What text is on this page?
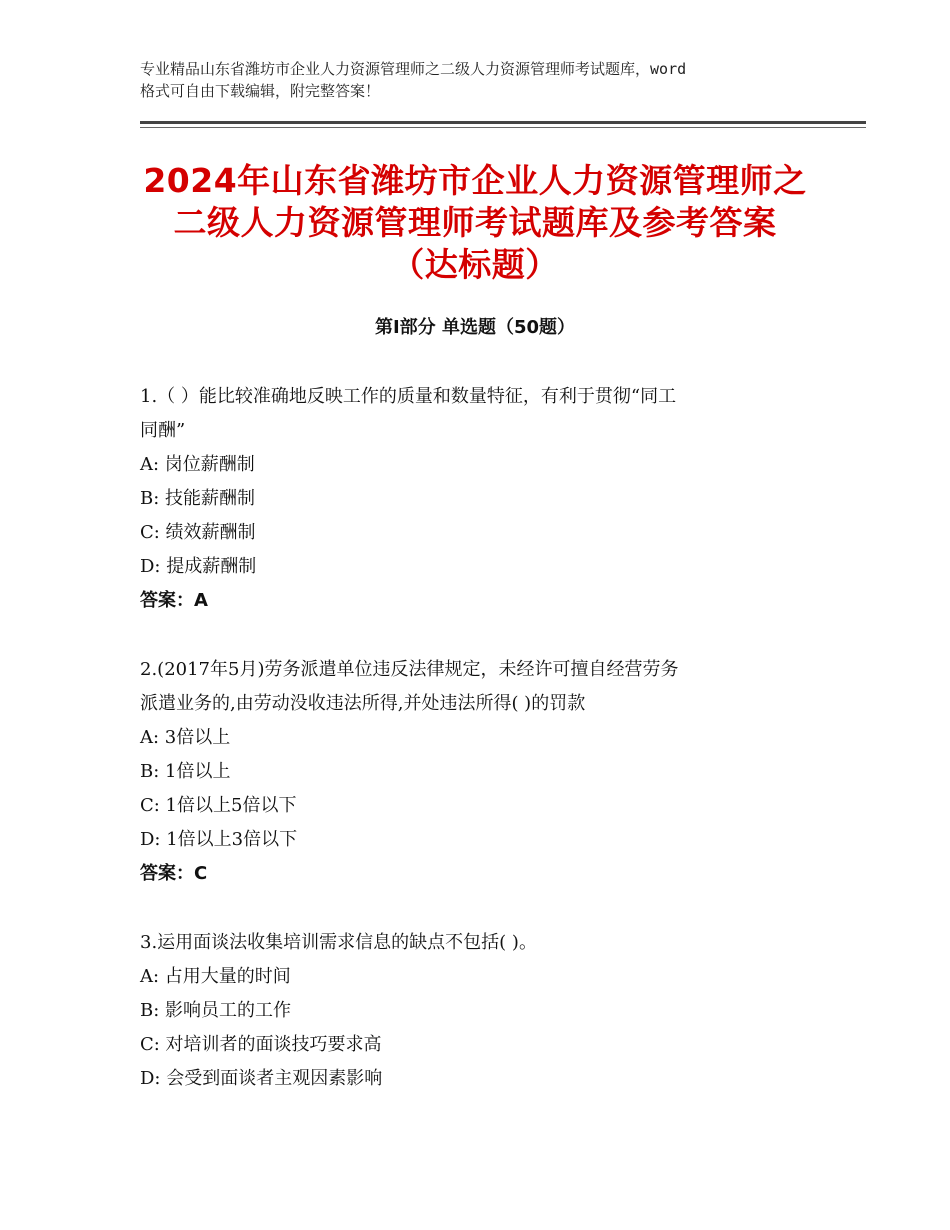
专业精品山东省潍坊市企业人力资源管理师之二级人力资源管理师考试题库，word
格式可自由下载编辑，附完整答案！
2024年山东省潍坊市企业人力资源管理师之
二级人力资源管理师考试题库及参考答案
（达标题）
第Ⅰ部分 单选题（50题）
1.（ ）能比较准确地反映工作的质量和数量特征，有利于贯彻“同工
同酬”
A: 岗位薪酬制
B: 技能薪酬制
C: 绩效薪酬制
D: 提成薪酬制
答案：A
2.(2017年5月)劳务派遣单位违反法律规定，未经许可擅自经营劳务
派遣业务的,由劳动没收违法所得,并处违法所得( )的罚款
A: 3倍以上
B: 1倍以上
C: 1倍以上5倍以下
D: 1倍以上3倍以下
答案：C
3.运用面谈法收集培训需求信息的缺点不包括( )。
A: 占用大量的时间
B: 影响员工的工作
C: 对培训者的面谈技巧要求高
D: 会受到面谈者主观因素影响
